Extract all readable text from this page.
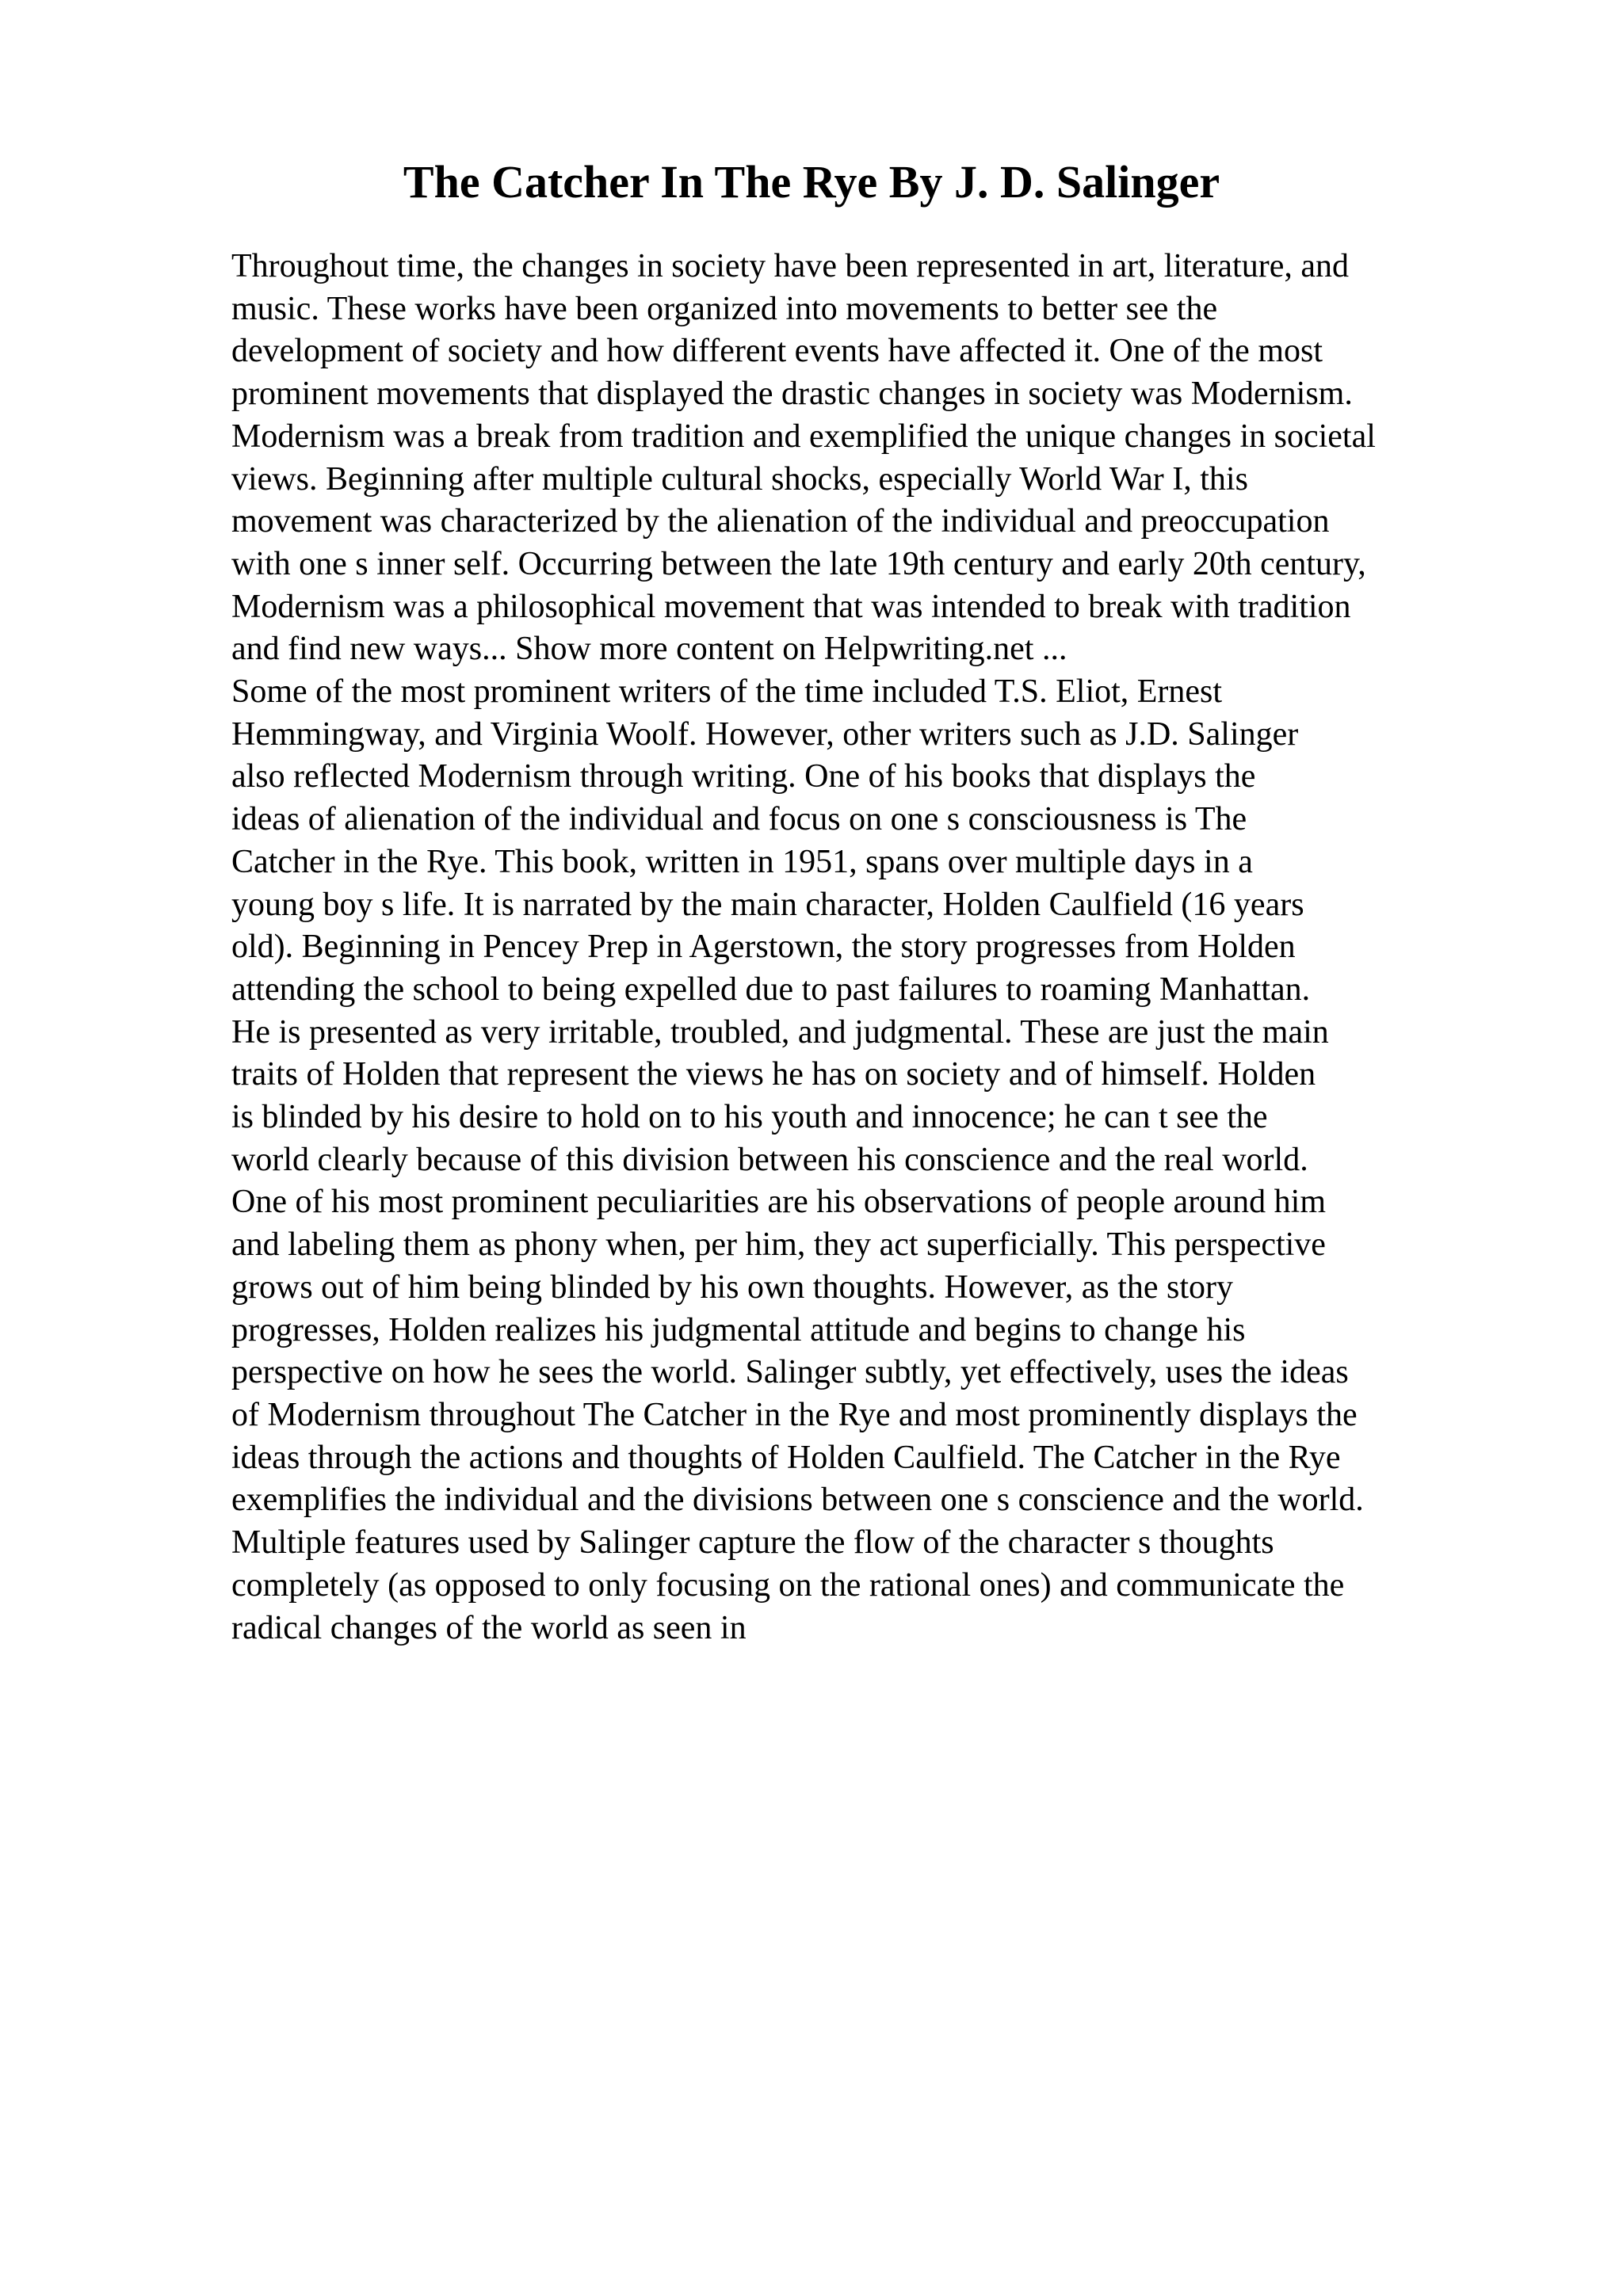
The Catcher In The Rye By J. D. Salinger
Throughout time, the changes in society have been represented in art, literature, and
music. These works have been organized into movements to better see the
development of society and how different events have affected it. One of the most
prominent movements that displayed the drastic changes in society was Modernism.
Modernism was a break from tradition and exemplified the unique changes in societal
views. Beginning after multiple cultural shocks, especially World War I, this
movement was characterized by the alienation of the individual and preoccupation
with one s inner self. Occurring between the late 19th century and early 20th century,
Modernism was a philosophical movement that was intended to break with tradition
and find new ways... Show more content on Helpwriting.net ...
Some of the most prominent writers of the time included T.S. Eliot, Ernest
Hemmingway, and Virginia Woolf. However, other writers such as J.D. Salinger
also reflected Modernism through writing. One of his books that displays the
ideas of alienation of the individual and focus on one s consciousness is The
Catcher in the Rye. This book, written in 1951, spans over multiple days in a
young boy s life. It is narrated by the main character, Holden Caulfield (16 years
old). Beginning in Pencey Prep in Agerstown, the story progresses from Holden
attending the school to being expelled due to past failures to roaming Manhattan.
He is presented as very irritable, troubled, and judgmental. These are just the main
traits of Holden that represent the views he has on society and of himself. Holden
is blinded by his desire to hold on to his youth and innocence; he can t see the
world clearly because of this division between his conscience and the real world.
One of his most prominent peculiarities are his observations of people around him
and labeling them as phony when, per him, they act superficially. This perspective
grows out of him being blinded by his own thoughts. However, as the story
progresses, Holden realizes his judgmental attitude and begins to change his
perspective on how he sees the world. Salinger subtly, yet effectively, uses the ideas
of Modernism throughout The Catcher in the Rye and most prominently displays the
ideas through the actions and thoughts of Holden Caulfield. The Catcher in the Rye
exemplifies the individual and the divisions between one s conscience and the world.
Multiple features used by Salinger capture the flow of the character s thoughts
completely (as opposed to only focusing on the rational ones) and communicate the
radical changes of the world as seen in
